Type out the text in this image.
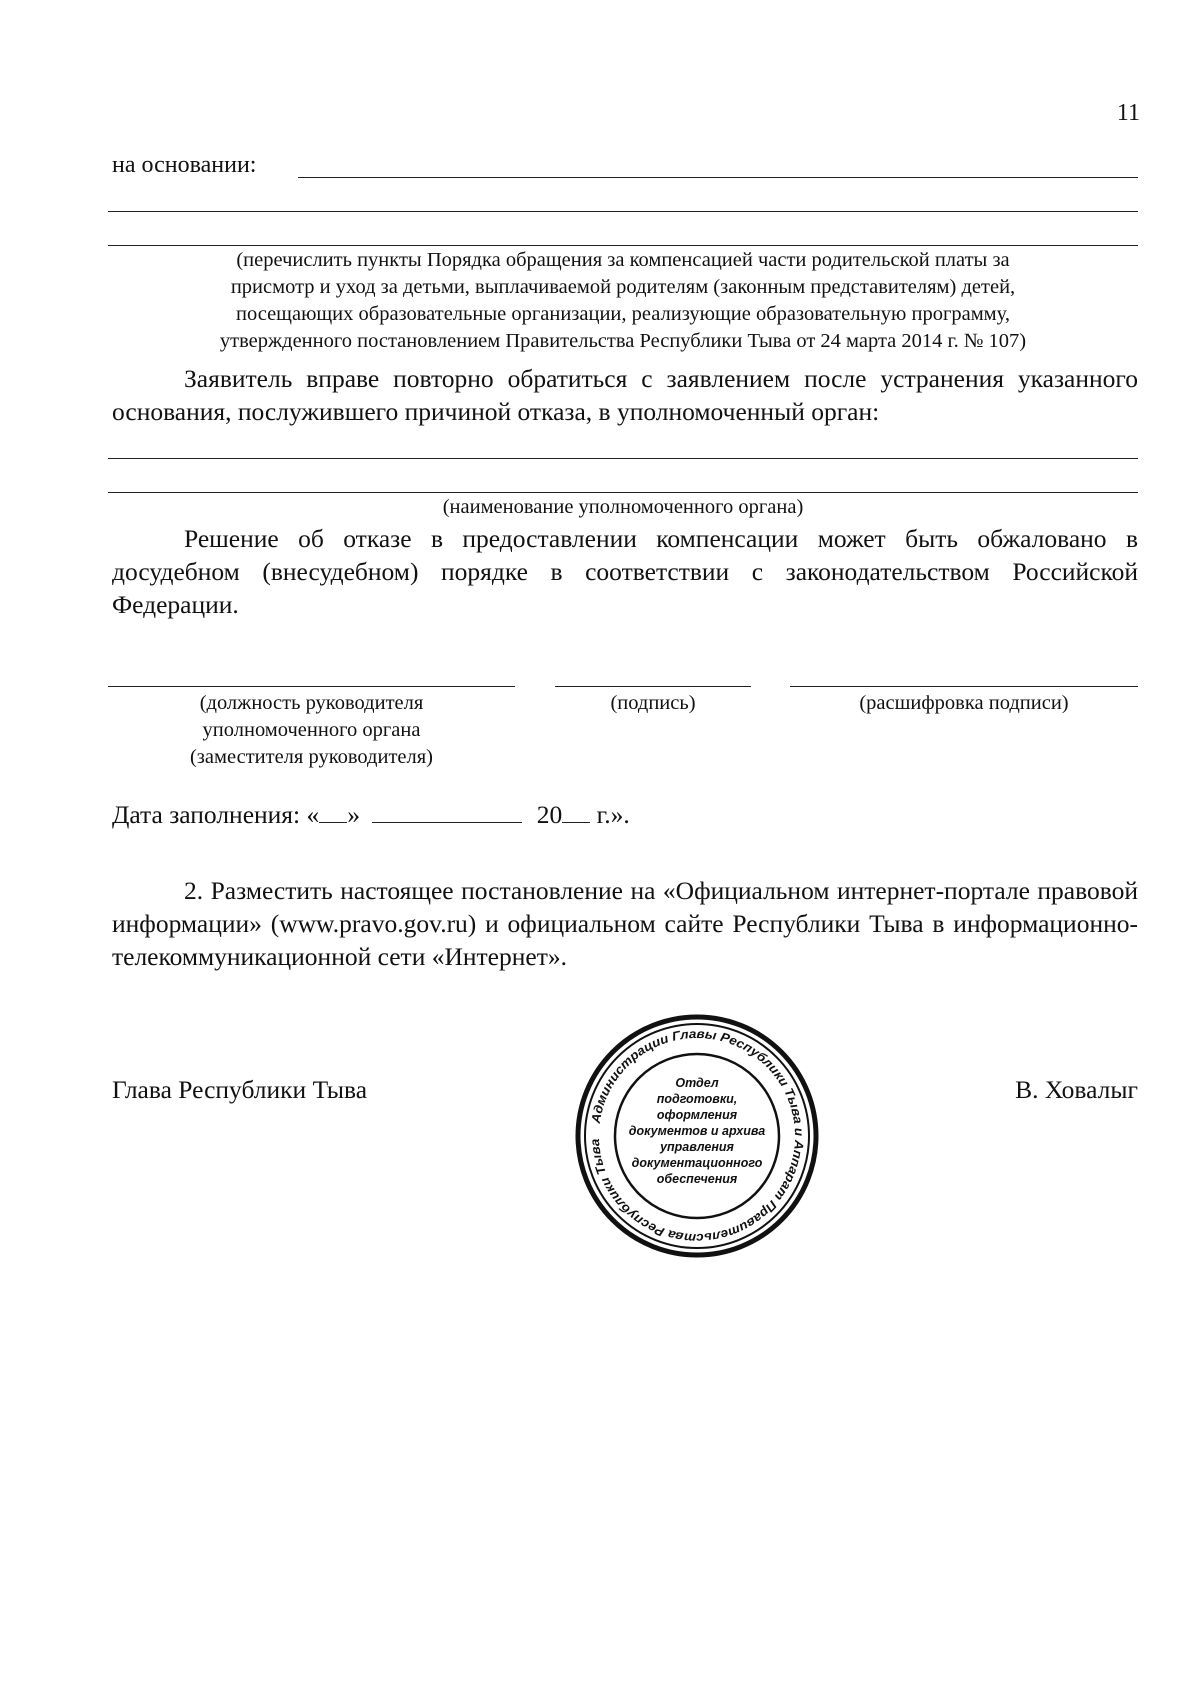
11
на основании:
(перечислить пункты Порядка обращения за компенсацией части родительской платы за
присмотр и уход за детьми, выплачиваемой родителям (законным представителям) детей,
посещающих образовательные организации, реализующие образовательную программу,
утвержденного постановлением Правительства Республики Тыва от 24 марта 2014 г. № 107)
Заявитель вправе повторно обратиться с заявлением после устранения указанного основания, послужившего причиной отказа, в уполномоченный орган:
(наименование уполномоченного органа)
Решение об отказе в предоставлении компенсации может быть обжаловано в досудебном (внесудебном) порядке в соответствии с законодательством Российской Федерации.
(должность руководителя
уполномоченного органа
(заместителя руководителя)
(подпись)	(расшифровка подписи)
Дата заполнения: « »	20 г.».
2. Разместить настоящее постановление на «Официальном интернет-портале правовой информации» (www.pravo.gov.ru) и официальном сайте Республики Тыва в информационно-телекоммуникационной сети «Интернет».
Глава Республики Тыва	В. Ховалыг
Администрации Главы Республики Тыва и Аппарат Правительства Республики Тыва
Отдел
подготовки,
оформления
документов и архива
управления
документационного
обеспечения
